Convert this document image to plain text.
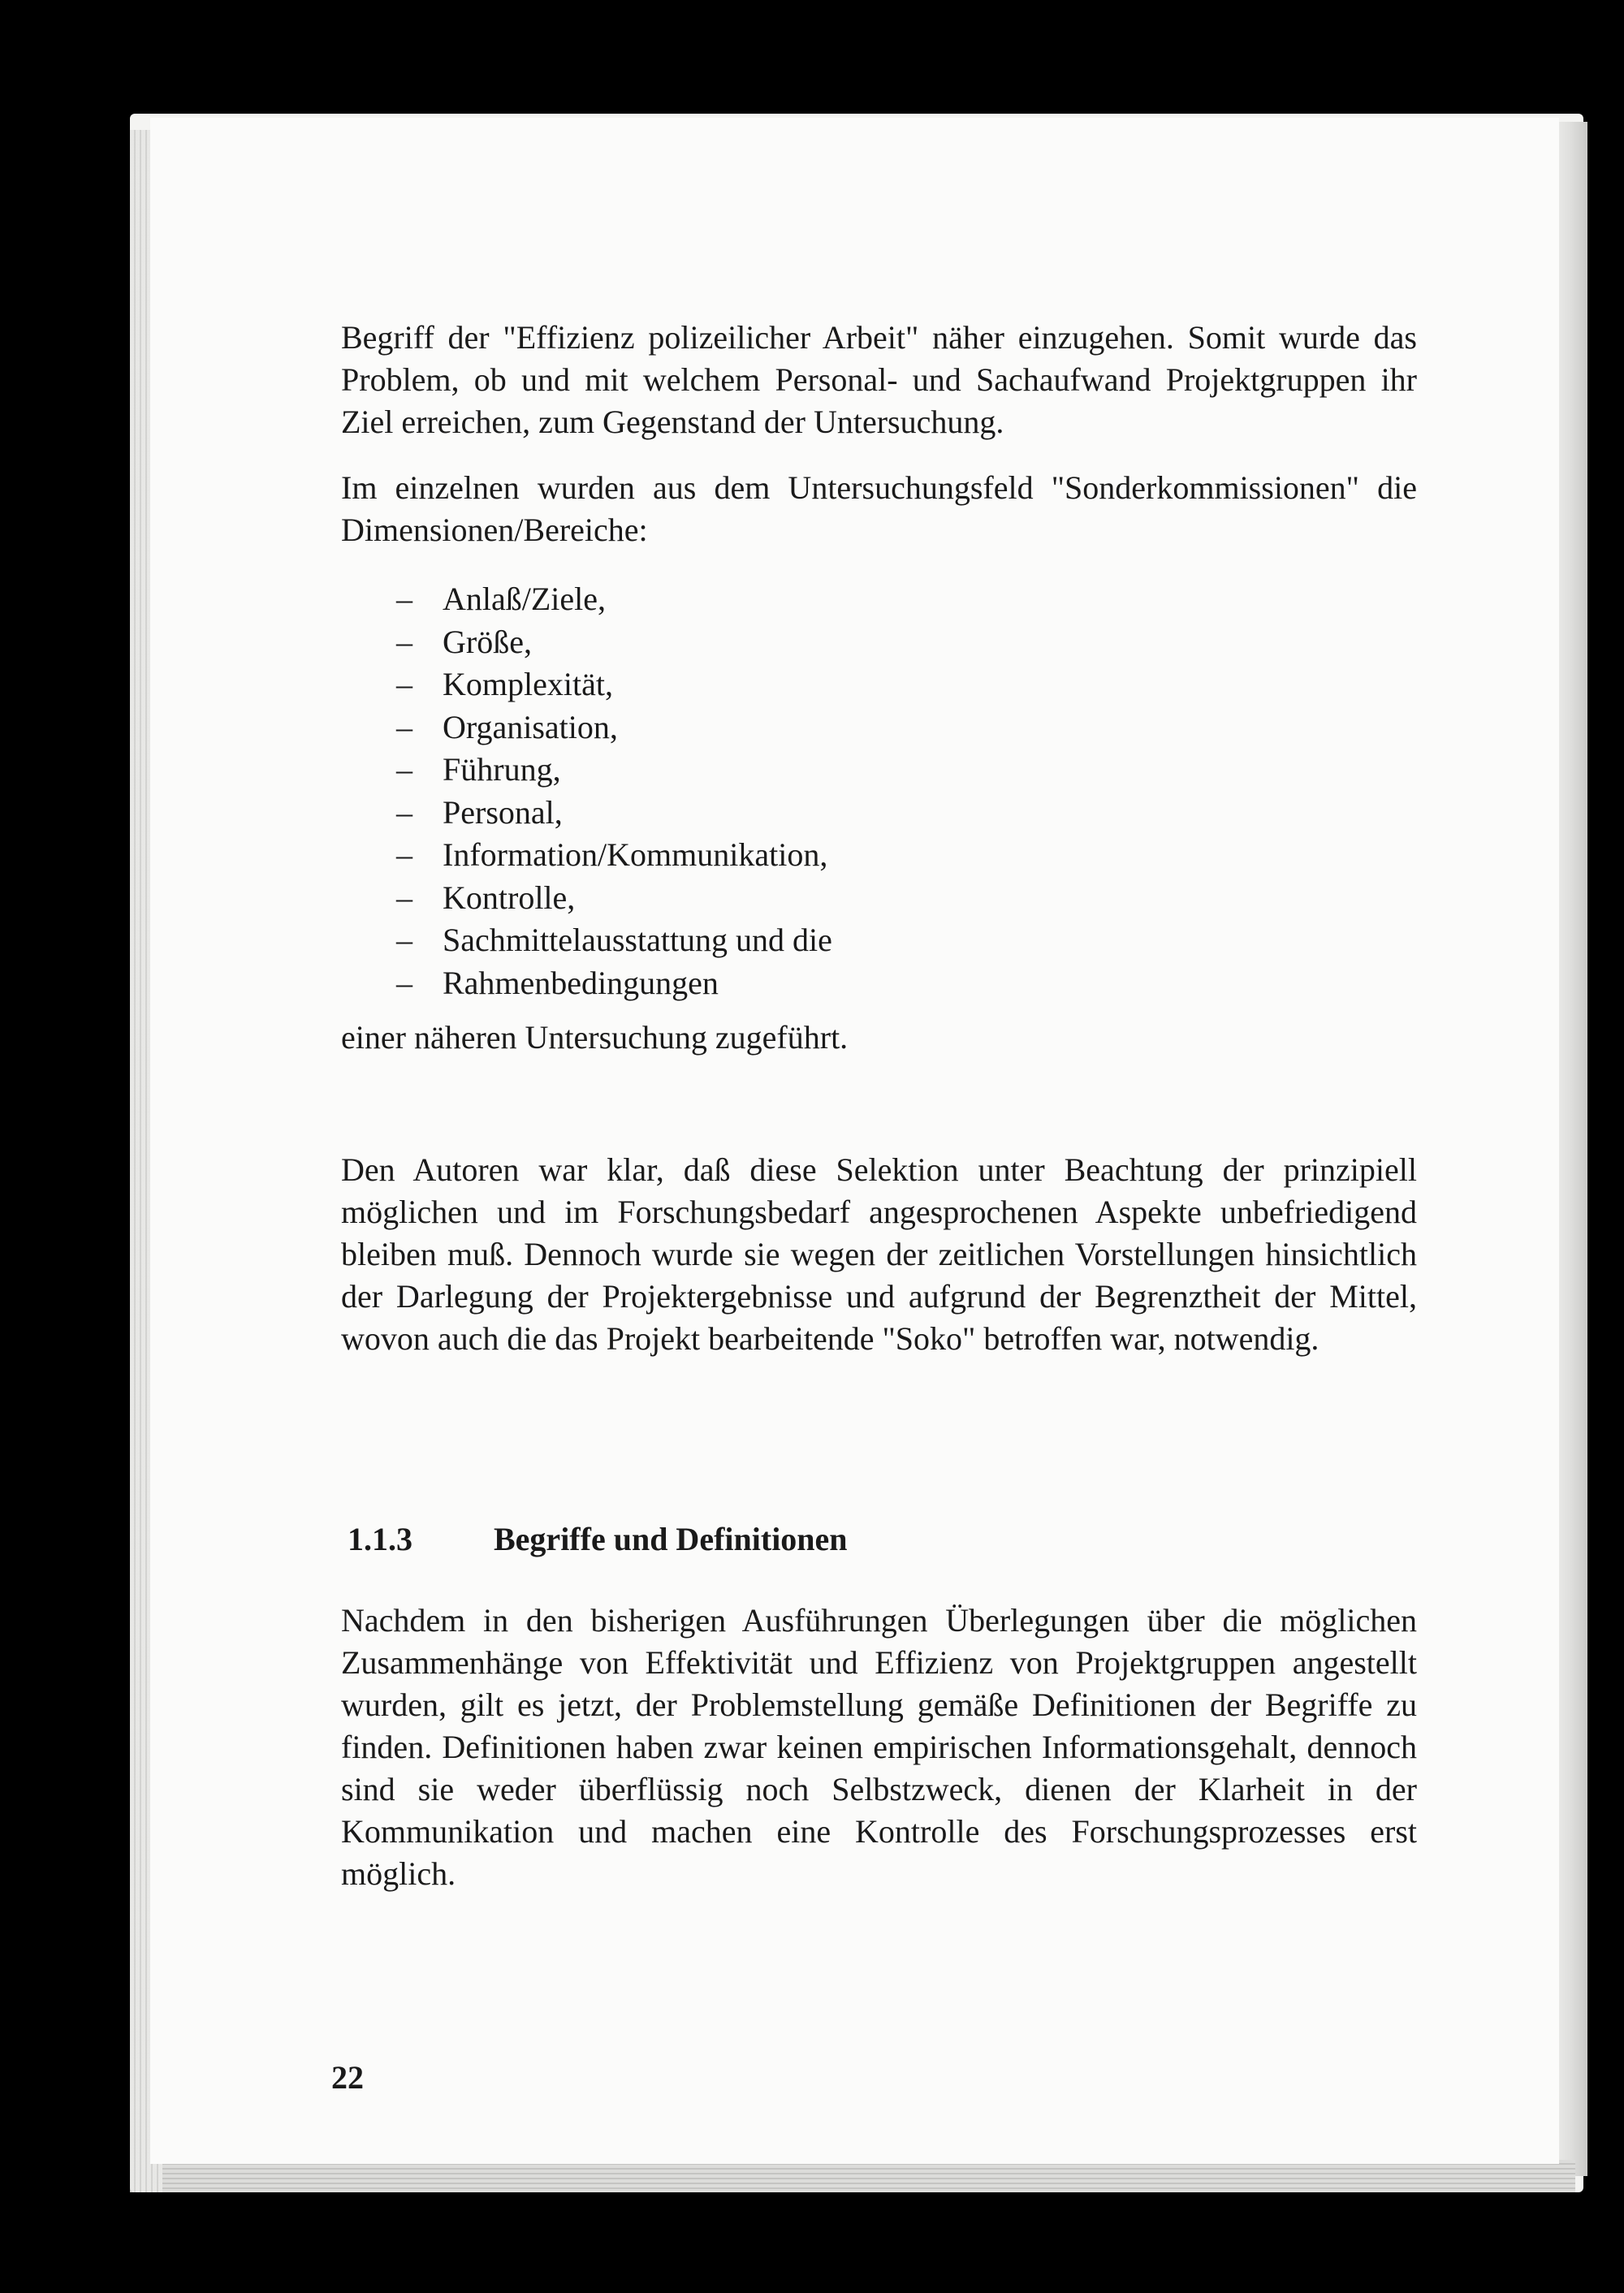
Begriff der "Effizienz polizeilicher Arbeit" näher einzugehen. Somit wurde das Problem, ob und mit welchem Personal- und Sachaufwand Projektgruppen ihr Ziel erreichen, zum Gegenstand der Untersuchung.

Im einzelnen wurden aus dem Untersuchungsfeld "Sonderkommissionen" die Dimensionen/Bereiche:

– Anlaß/Ziele,
– Größe,
– Komplexität,
– Organisation,
– Führung,
– Personal,
– Information/Kommunikation,
– Kontrolle,
– Sachmittelausstattung und die
– Rahmenbedingungen

einer näheren Untersuchung zugeführt.

Den Autoren war klar, daß diese Selektion unter Beachtung der prinzipiell möglichen und im Forschungsbedarf angesprochenen Aspekte unbefriedigend bleiben muß. Dennoch wurde sie wegen der zeitlichen Vorstellungen hinsichtlich der Darlegung der Projektergebnisse und aufgrund der Begrenztheit der Mittel, wovon auch die das Projekt bearbeitende "Soko" betroffen war, notwendig.

1.1.3	Begriffe und Definitionen

Nachdem in den bisherigen Ausführungen Überlegungen über die möglichen Zusammenhänge von Effektivität und Effizienz von Projektgruppen angestellt wurden, gilt es jetzt, der Problemstellung gemäße Definitionen der Begriffe zu finden. Definitionen haben zwar keinen empirischen Informationsgehalt, dennoch sind sie weder überflüssig noch Selbstzweck, dienen der Klarheit in der Kommunikation und machen eine Kontrolle des Forschungsprozesses erst möglich.

22
